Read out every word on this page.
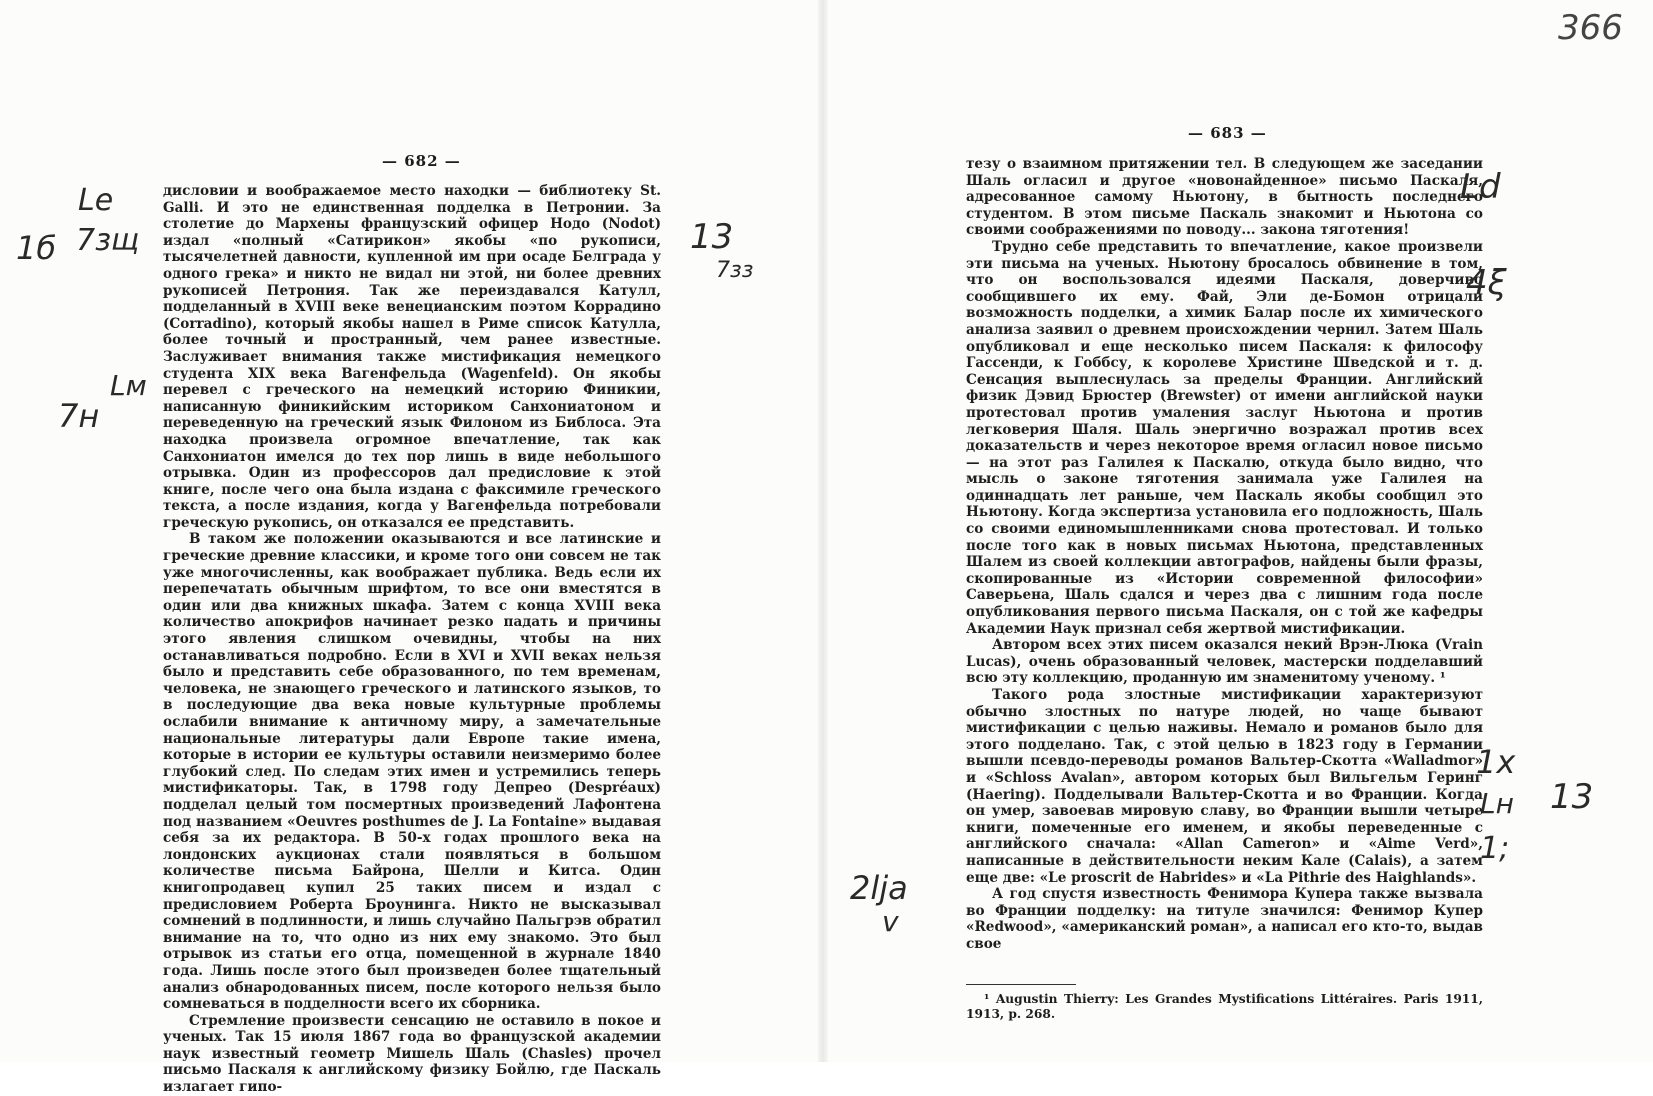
366
— 682 —

дисловии и воображаемое место находки — библиотеку St. Galli. И это не единственная подделка в Петронии. За столетие до Мархены французский офицер Нодо (Nodot) издал «полный «Сатирикон» якобы «по рукописи, тысячелетней давности, купленной им при осаде Белграда у одного грека» и никто не видал ни этой, ни более древних рукописей Петрония. Так же переиздавался Катулл, подделанный в XVIII веке венецианским поэтом Коррадино (Corradino), который якобы нашел в Риме список Катулла, более точный и пространный, чем ранее известные. Заслуживает внимания также мистификация немецкого студента XIX века Вагенфельда (Wagenfeld). Он якобы перевел с греческого на немецкий историю Финикии, написанную финикийским историком Санхониатоном и переведенную на греческий язык Филоном из Библоса. Эта находка произвела огромное впечатление, так как Санхониатон имелся до тех пор лишь в виде небольшого отрывка. Один из профессоров дал предисловие к этой книге, после чего она была издана с факсимиле греческого текста, а после издания, когда у Вагенфельда потребовали греческую рукопись, он отказался ее представить.

В таком же положении оказываются и все латинские и греческие древние классики, и кроме того они совсем не так уже многочисленны, как воображает публика. Ведь если их перепечатать обычным шрифтом, то все они вместятся в один или два книжных шкафа. Затем с конца XVIII века количество апокрифов начинает резко падать и причины этого явления слишком очевидны, чтобы на них останавливаться подробно. Если в XVI и XVII веках нельзя было и представить себе образованного, по тем временам, человека, не знающего греческого и латинского языков, то в последующие два века новые культурные проблемы ослабили внимание к античному миру, а замечательные национальные литературы дали Европе такие имена, которые в истории ее культуры оставили неизмеримо более глубокий след. По следам этих имен и устремились теперь мистификаторы. Так, в 1798 году Депрео (Despréaux) подделал целый том посмертных произведений Лафонтена под названием «Oeuvres posthumes de J. La Fontaine» выдавая себя за их редактора. В 50-х годах прошлого века на лондонских аукционах стали появляться в большом количестве письма Байрона, Шелли и Китса. Один книгопродавец купил 25 таких писем и издал с предисловием Роберта Броунинга. Никто не высказывал сомнений в подлинности, и лишь случайно Пальгрэв обратил внимание на то, что одно из них ему знакомо. Это был отрывок из статьи его отца, помещенной в журнале 1840 года. Лишь после этого был произведен более тщательный анализ обнародованных писем, после которого нельзя было сомневаться в подделности всего их сборника.

Стремление произвести сенсацию не оставило в покое и ученых. Так 15 июля 1867 года во французской академии наук известный геометр Мишель Шаль (Chasles) прочел письмо Паскаля к английскому физику Бойлю, где Паскаль излагает гипо-

— 683 —

тезу о взаимном притяжении тел. В следующем же заседании Шаль огласил и другое «новонайденное» письмо Паскаля, адресованное самому Ньютону, в бытность последнего студентом. В этом письме Паскаль знакомит и Ньютона со своими соображениями по поводу... закона тяготения!

Трудно себе представить то впечатление, какое произвели эти письма на ученых. Ньютону бросалось обвинение в том, что он воспользовался идеями Паскаля, доверчиво сообщившего их ему. Фай, Эли де-Бомон отрицали возможность подделки, а химик Балар после их химического анализа заявил о древнем происхождении чернил. Затем Шаль опубликовал и еще несколько писем Паскаля: к философу Гассенди, к Гоббсу, к королеве Христине Шведской и т. д. Сенсация выплеснулась за пределы Франции. Английский физик Дэвид Брюстер (Brewster) от имени английской науки протестовал против умаления заслуг Ньютона и против легковерия Шаля. Шаль энергично возражал против всех доказательств и через некоторое время огласил новое письмо — на этот раз Галилея к Паскалю, откуда было видно, что мысль о законе тяготения занимала уже Галилея на одиннадцать лет раньше, чем Паскаль якобы сообщил это Ньютону. Когда экспертиза установила его подложность, Шаль со своими единомышленниками снова протестовал. И только после того как в новых письмах Ньютона, представленных Шалем из своей коллекции автографов, найдены были фразы, скопированные из «Истории современной философии» Саверьена, Шаль сдался и через два с лишним года после опубликования первого письма Паскаля, он с той же кафедры Академии Наук признал себя жертвой мистификации.

Автором всех этих писем оказался некий Врэн-Люка (Vrain Lucas), очень образованный человек, мастерски подделавший всю эту коллекцию, проданную им знаменитому ученому. ¹

Такого рода злостные мистификации характеризуют обычно злостных по натуре людей, но чаще бывают мистификации с целью наживы. Немало и романов было для этого подделано. Так, с этой целью в 1823 году в Германии вышли псевдо-переводы романов Вальтер-Скотта «Walladmor» и «Schloss Avalan», автором которых был Вильгельм Геринг (Haering). Подделывали Вальтер-Скотта и во Франции. Когда он умер, завоевав мировую славу, во Франции вышли четыре книги, помеченные его именем, и якобы переведенные с английского сначала: «Allan Cameron» и «Aime Verd», написанные в действительности неким Кале (Calais), а затем еще две: «Le proscrit de Habrides» и «La Pithrie des Haighlands».

А год спустя известность Фенимора Купера также вызвала во Франции подделку: на титуле значился: Фенимор Купер «Redwood», «американский роман», а написал его кто-то, выдав свое

¹ Augustin Thierry: Les Grandes Mystifications Littéraires. Paris 1911, 1913, p. 268.
Le
1б 7зщ	13
7зз
Lм
7н
Ld
4ξ
1x
Lн 13
1;
2lja
v
